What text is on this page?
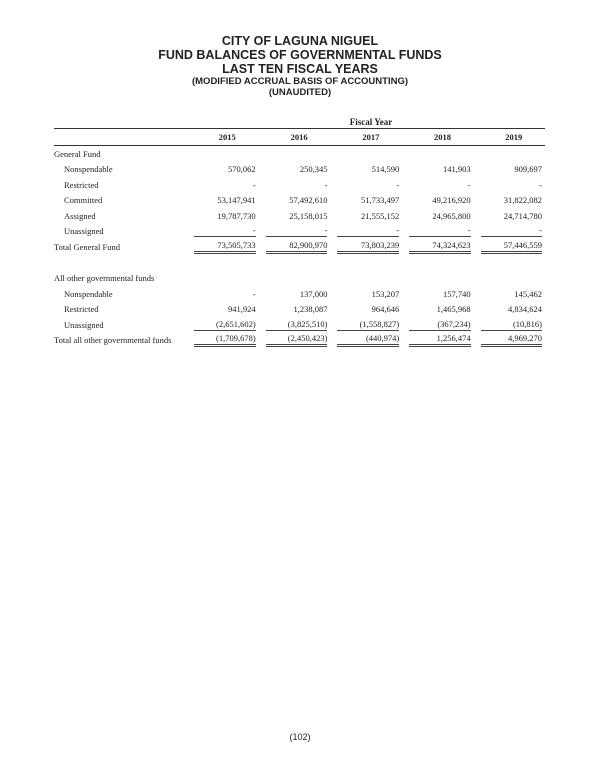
CITY OF LAGUNA NIGUEL
FUND BALANCES OF GOVERNMENTAL FUNDS
LAST TEN FISCAL YEARS
(MODIFIED ACCRUAL BASIS OF ACCOUNTING)
(UNAUDITED)
Fiscal Year
	2015	2016	2017	2018	2019
General Fund					
Nonspendable	570,062	250,345	514,590	141,903	909,697
Restricted	-	-	-	-	-
Committed	53,147,941	57,492,610	51,733,497	49,216,920	31,822,082
Assigned	19,787,730	25,158,015	21,555,152	24,965,800	24,714,780
Unassigned	-	-	-	-	-

Total General Fund	73,505,733	82,900,970	73,803,239	74,324,623	57,446,559

All other governmental funds					
Nonspendable	-	137,000	153,207	157,740	145,462
Restricted	941,924	1,238,087	964,646	1,465,968	4,834,624
Unassigned	(2,651,602)	(3,825,510)	(1,558,827)	(367,234)	(10,816)

Total all other governmental funds	(1,709,678)	(2,450,423)	(440,974)	1,256,474	4,969,270
(102)
